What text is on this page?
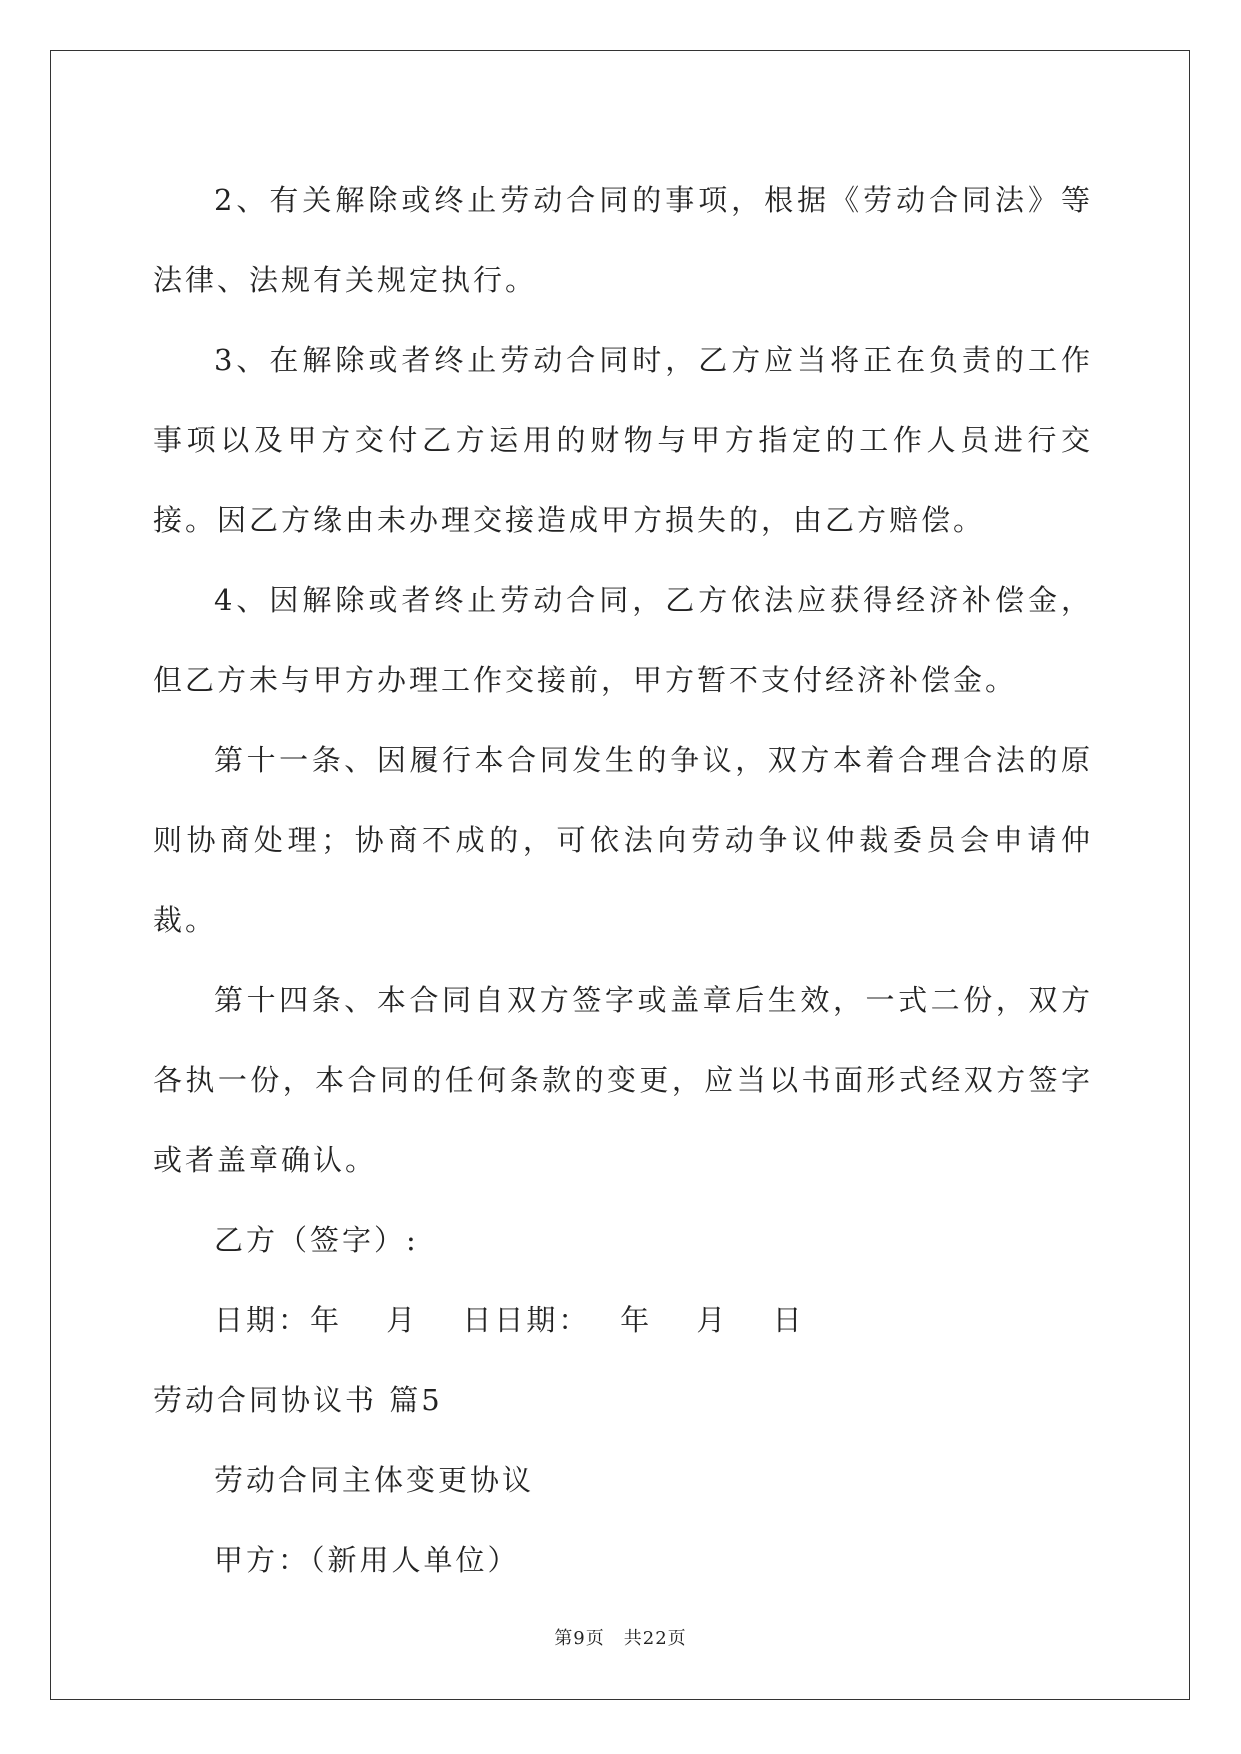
2、有关解除或终止劳动合同的事项，根据《劳动合同法》等法律、法规有关规定执行。

3、在解除或者终止劳动合同时，乙方应当将正在负责的工作事项以及甲方交付乙方运用的财物与甲方指定的工作人员进行交接。因乙方缘由未办理交接造成甲方损失的，由乙方赔偿。

4、因解除或者终止劳动合同，乙方依法应获得经济补偿金，但乙方未与甲方办理工作交接前，甲方暂不支付经济补偿金。

第十一条、因履行本合同发生的争议，双方本着合理合法的原则协商处理；协商不成的，可依法向劳动争议仲裁委员会申请仲裁。

第十四条、本合同自双方签字或盖章后生效，一式二份，双方各执一份，本合同的任何条款的变更，应当以书面形式经双方签字或者盖章确认。

乙方（签字）:

日期：年　 月　 日日期：　 年　 月　 日

劳动合同协议书 篇5

劳动合同主体变更协议

甲方：（新用人单位）

第9页　共22页
